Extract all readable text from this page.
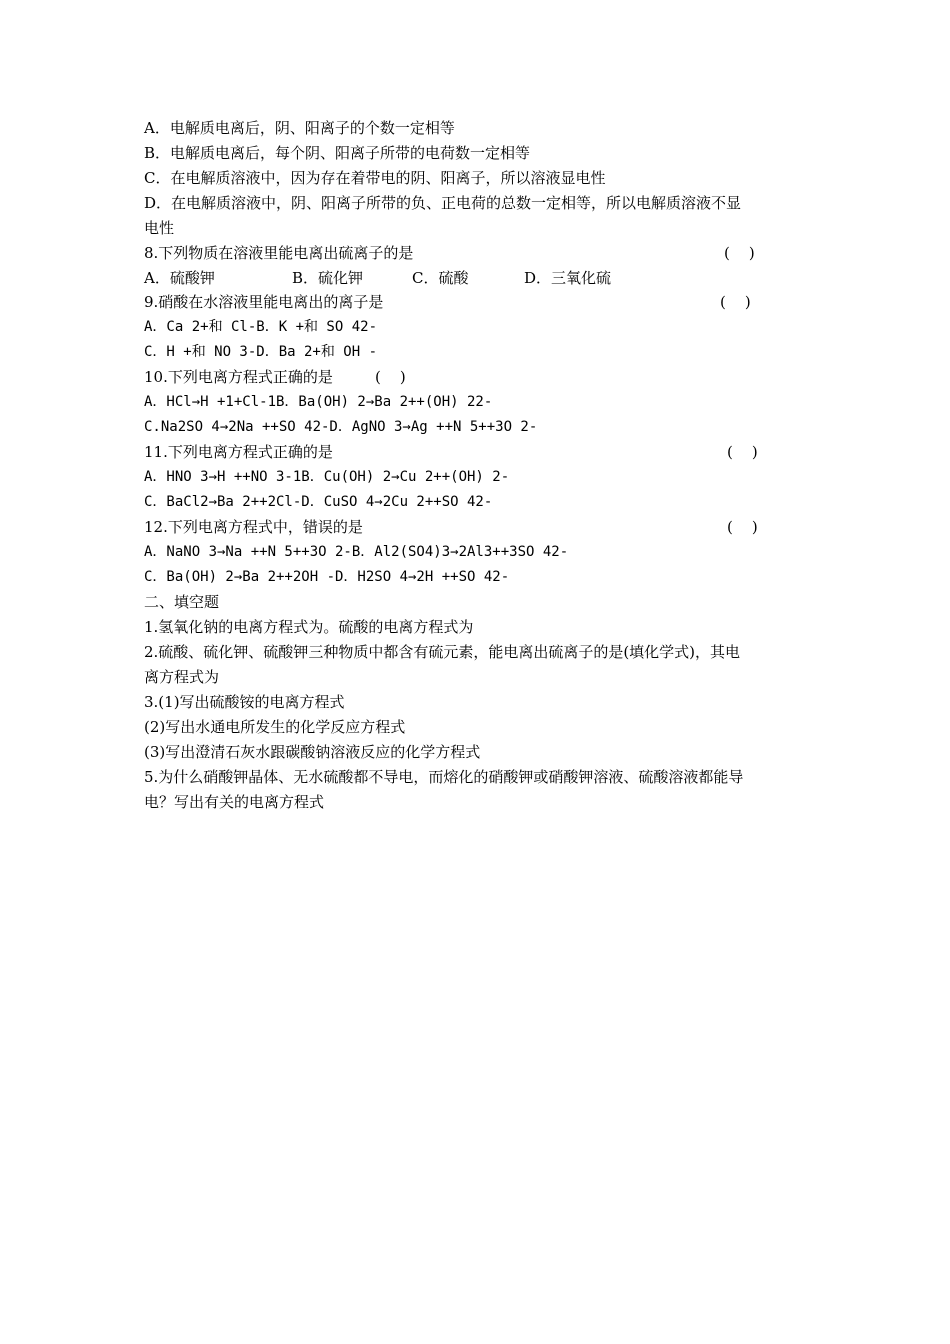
A．电解质电离后，阴、阳离子的个数一定相等
B．电解质电离后，每个阴、阳离子所带的电荷数一定相等
C．在电解质溶液中，因为存在着带电的阴、阳离子，所以溶液显电性
D．在电解质溶液中，阴、阳离子所带的负、正电荷的总数一定相等，所以电解质溶液不显
电性
8.下列物质在溶液里能电离出硫离子的是	(    )
A．硫酸钾	B．硫化钾	C．硫酸	D．三氧化硫
9.硝酸在水溶液里能电离出的离子是	(    )
A．Ca 2+和 Cl-B．K +和 SO 42-
C．H +和 NO 3-D．Ba 2+和 OH -
10.下列电离方程式正确的是	(    )
A．HCl→H +1+Cl-1B．Ba(OH) 2→Ba 2++(OH) 22-
C.Na2SO 4→2Na ++SO 42-D．AgNO 3→Ag ++N 5++3O 2-
11.下列电离方程式正确的是	(    )
A．HNO 3→H ++NO 3-1B．Cu(OH) 2→Cu 2++(OH) 2-
C．BaCl2→Ba 2++2Cl-D．CuSO 4→2Cu 2++SO 42-
12.下列电离方程式中，错误的是	(    )
A．NaNO 3→Na ++N 5++3O 2-B．Al2(SO4)3→2Al3++3SO 42-
C．Ba(OH) 2→Ba 2++2OH -D．H2SO 4→2H ++SO 42-
二、填空题
1.氢氧化钠的电离方程式为。硫酸的电离方程式为
2.硫酸、硫化钾、硫酸钾三种物质中都含有硫元素，能电离出硫离子的是(填化学式)，其电
离方程式为
3.(1)写出硫酸铵的电离方程式
(2)写出水通电所发生的化学反应方程式
(3)写出澄清石灰水跟碳酸钠溶液反应的化学方程式
5.为什么硝酸钾晶体、无水硫酸都不导电，而熔化的硝酸钾或硝酸钾溶液、硫酸溶液都能导
电？写出有关的电离方程式
